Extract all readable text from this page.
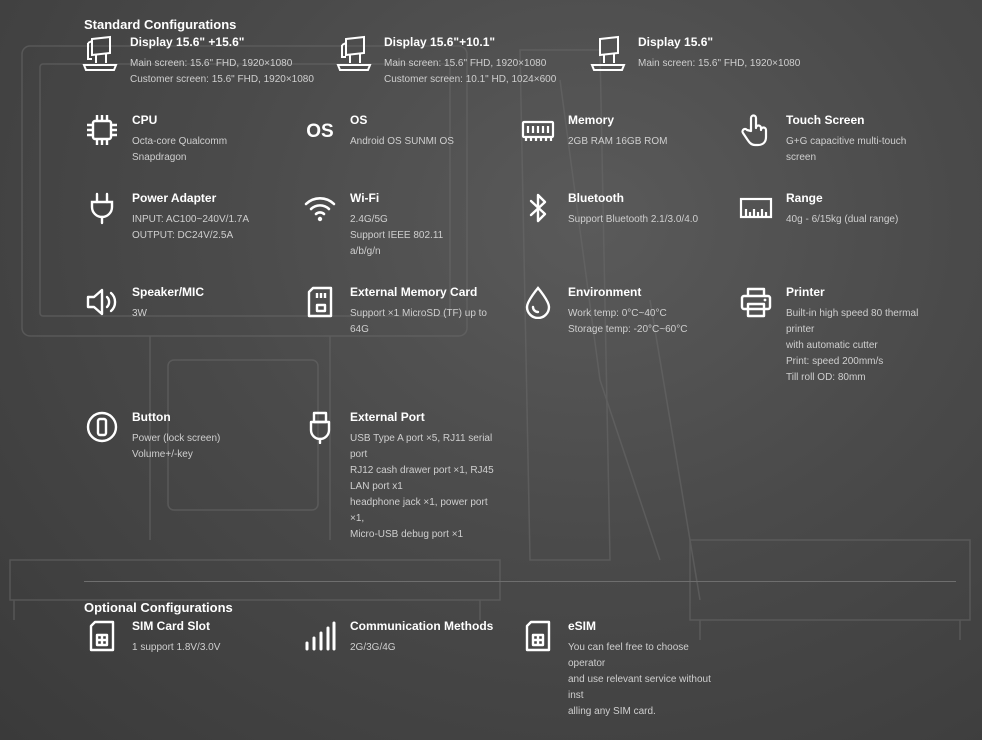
Standard Configurations
Display 15.6" +15.6"
Main screen: 15.6" FHD, 1920×1080
Customer screen: 15.6" FHD, 1920×1080
Display 15.6"+10.1"
Main screen: 15.6" FHD, 1920×1080
Customer screen: 10.1" HD, 1024×600
Display 15.6"
Main screen: 15.6" FHD, 1920×1080
CPU
Octa-core Qualcomm
Snapdragon
OS
OS
Android OS SUNMI OS
Memory
2GB RAM 16GB ROM
Touch Screen
G+G capacitive multi-touch
screen
Power Adapter
INPUT: AC100~240V/1.7A
OUTPUT: DC24V/2.5A
Wi-Fi
2.4G/5G
Support IEEE 802.11
a/b/g/n
Bluetooth
Support Bluetooth 2.1/3.0/4.0
Range
40g - 6/15kg (dual range)
Speaker/MIC
3W
External Memory Card
Support ×1 MicroSD (TF) up to
64G
Environment
Work temp: 0°C~40°C
Storage temp: -20°C~60°C
Printer
Built-in high speed 80 thermal
printer
with automatic cutter
Print: speed 200mm/s
Till roll OD: 80mm
Button
Power (lock screen)
Volume+/-key
External Port
USB Type A port ×5, RJ11 serial
port
RJ12 cash drawer port ×1, RJ45
LAN port x1
headphone jack ×1, power port
×1,
Micro-USB debug port ×1
Optional Configurations
SIM Card Slot
1 support 1.8V/3.0V
Communication Methods
2G/3G/4G
eSIM
You can feel free to choose
operator
and use relevant service without
inst
alling any SIM card.
